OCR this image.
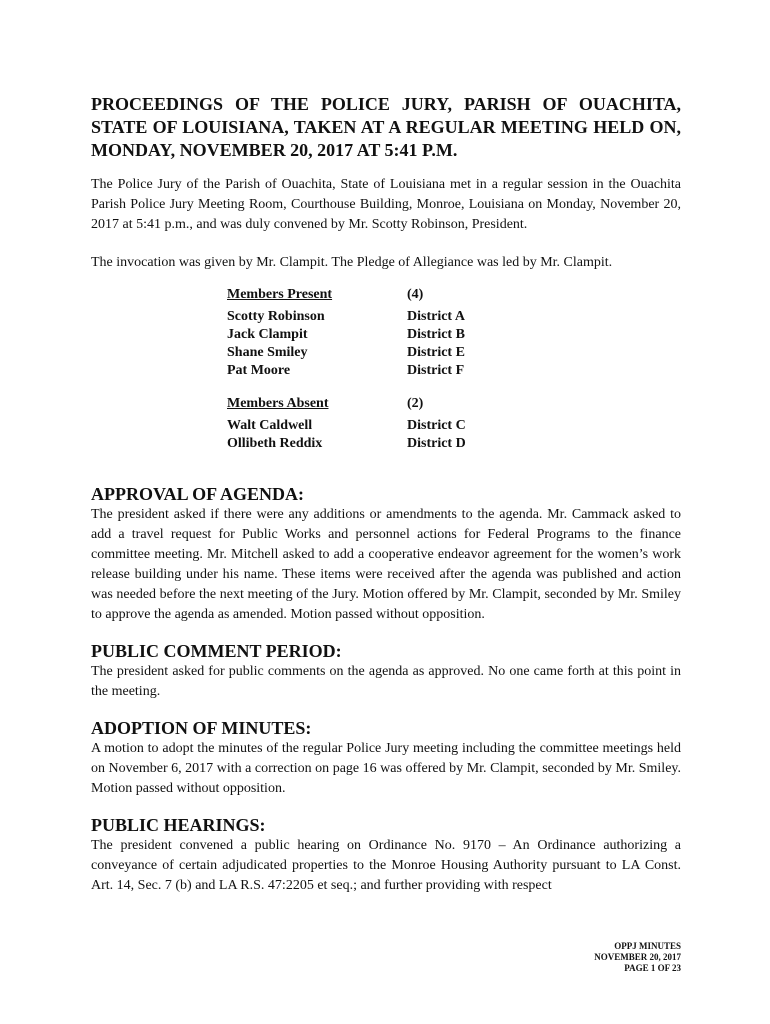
PROCEEDINGS OF THE POLICE JURY, PARISH OF OUACHITA, STATE OF LOUISIANA, TAKEN AT A REGULAR MEETING HELD ON, MONDAY, NOVEMBER 20, 2017 AT 5:41 P.M.

The Police Jury of the Parish of Ouachita, State of Louisiana met in a regular session in the Ouachita Parish Police Jury Meeting Room, Courthouse Building, Monroe, Louisiana on Monday, November 20, 2017 at 5:41 p.m., and was duly convened by Mr. Scotty Robinson, President.

The invocation was given by Mr. Clampit. The Pledge of Allegiance was led by Mr. Clampit.

Members Present	(4)
Scotty Robinson	District A
Jack Clampit	District B
Shane Smiley	District E
Pat Moore	District F
Members Absent	(2)
Walt Caldwell	District C
Ollibeth Reddix	District D
APPROVAL OF AGENDA:

The president asked if there were any additions or amendments to the agenda. Mr. Cammack asked to add a travel request for Public Works and personnel actions for Federal Programs to the finance committee meeting. Mr. Mitchell asked to add a cooperative endeavor agreement for the women’s work release building under his name. These items were received after the agenda was published and action was needed before the next meeting of the Jury. Motion offered by Mr. Clampit, seconded by Mr. Smiley to approve the agenda as amended. Motion passed without opposition.

PUBLIC COMMENT PERIOD:

The president asked for public comments on the agenda as approved. No one came forth at this point in the meeting.

ADOPTION OF MINUTES:

A motion to adopt the minutes of the regular Police Jury meeting including the committee meetings held on November 6, 2017 with a correction on page 16 was offered by Mr. Clampit, seconded by Mr. Smiley. Motion passed without opposition.

PUBLIC HEARINGS:

The president convened a public hearing on Ordinance No. 9170 – An Ordinance authorizing a conveyance of certain adjudicated properties to the Monroe Housing Authority pursuant to LA Const. Art. 14, Sec. 7 (b) and LA R.S. 47:2205 et seq.; and further providing with respect

OPPJ MINUTES
NOVEMBER 20, 2017
PAGE 1 OF 23
